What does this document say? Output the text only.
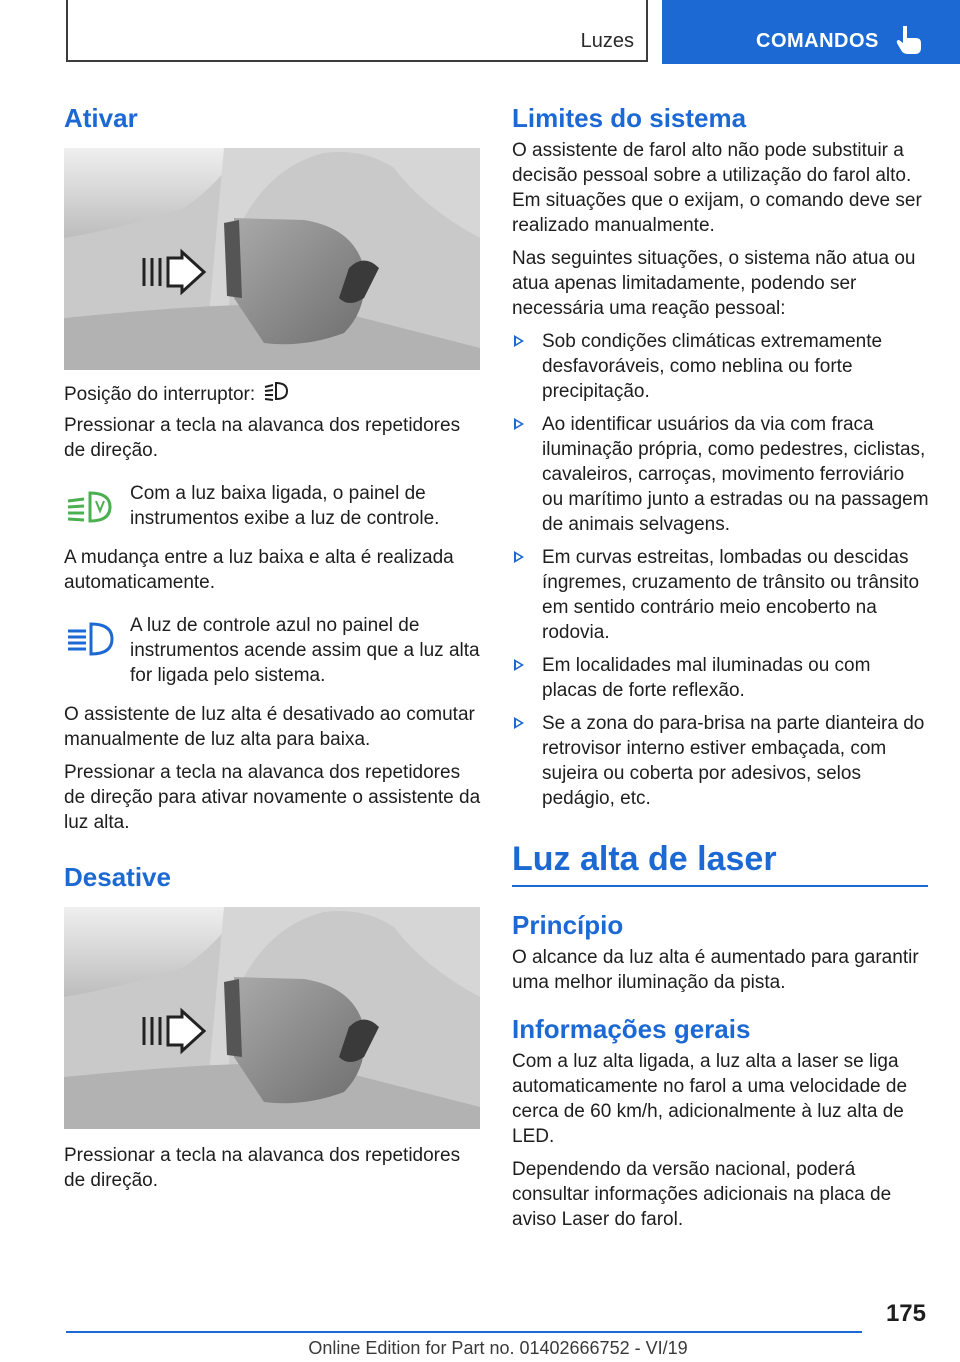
Luzes	COMANDOS
Ativar

Posição do interruptor:

Pressionar a tecla na alavanca dos repetidores de direção.

Com a luz baixa ligada, o painel de instrumentos exibe a luz de controle.

A mudança entre a luz baixa e alta é realizada automaticamente.

A luz de controle azul no painel de instrumentos acende assim que a luz alta for ligada pelo sistema.

O assistente de luz alta é desativado ao comutar manualmente de luz alta para baixa.

Pressionar a tecla na alavanca dos repetidores de direção para ativar novamente o assistente da luz alta.

Desative

Pressionar a tecla na alavanca dos repetidores de direção.

Limites do sistema

O assistente de farol alto não pode substituir a decisão pessoal sobre a utilização do farol alto. Em situações que o exijam, o comando deve ser realizado manualmente.

Nas seguintes situações, o sistema não atua ou atua apenas limitadamente, podendo ser necessária uma reação pessoal:

Sob condições climáticas extremamente desfavoráveis, como neblina ou forte precipitação.
Ao identificar usuários da via com fraca iluminação própria, como pedestres, ciclistas, cavaleiros, carroças, movimento ferroviário ou marítimo junto a estradas ou na passagem de animais selvagens.
Em curvas estreitas, lombadas ou descidas íngremes, cruzamento de trânsito ou trânsito em sentido contrário meio encoberto na rodovia.
Em localidades mal iluminadas ou com placas de forte reflexão.
Se a zona do para-brisa na parte dianteira do retrovisor interno estiver embaçada, com sujeira ou coberta por adesivos, selos pedágio, etc.
Luz alta de laser
Princípio

O alcance da luz alta é aumentado para garantir uma melhor iluminação da pista.

Informações gerais

Com a luz alta ligada, a luz alta a laser se liga automaticamente no farol a uma velocidade de cerca de 60 km/h, adicionalmente à luz alta de LED.

Dependendo da versão nacional, poderá consultar informações adicionais na placa de aviso Laser do farol.

175
Online Edition for Part no. 01402666752 - VI/19
